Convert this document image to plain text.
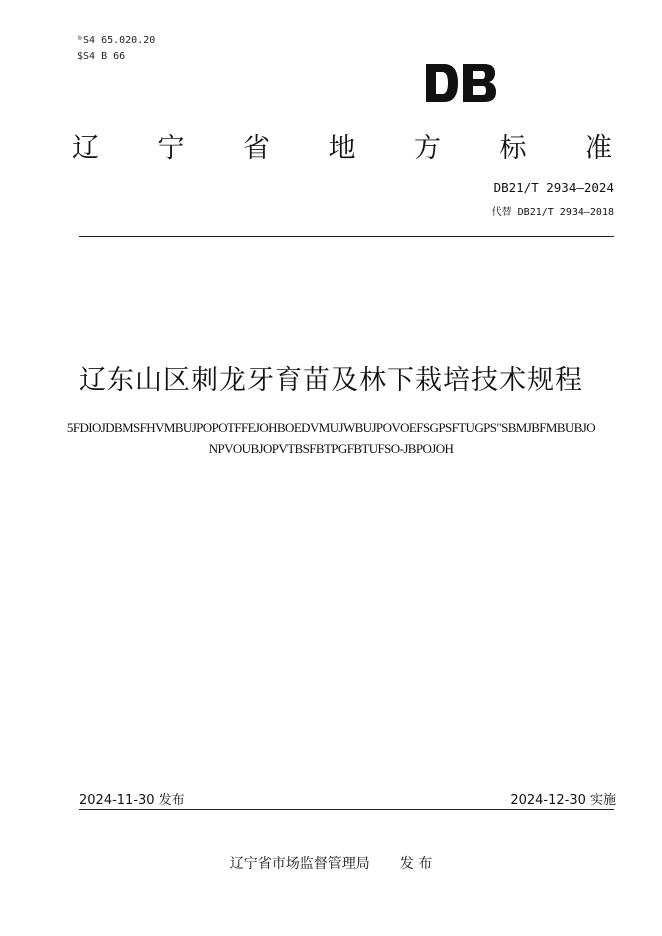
ᵇS4 65.020.20
$S4 B 66
辽 宁 省 地 方 标 准
DB21/T 2934—2024
代替 DB21/T 2934—2018
辽东山区刺龙牙育苗及林下栽培技术规程
5FDIOJDBMSFHVMBUJPOPOTFFEJOHBOEDVMUJWBUJPOVOEFSGPSFTUGPS"SBMJBFMBUBJO
NPVOUBJOPVTBSFBTPGFBTUFSO-JBPOJOH
2024-11-30 发布	2024-12-30 实施
辽宁省市场监督管理局 发 布
